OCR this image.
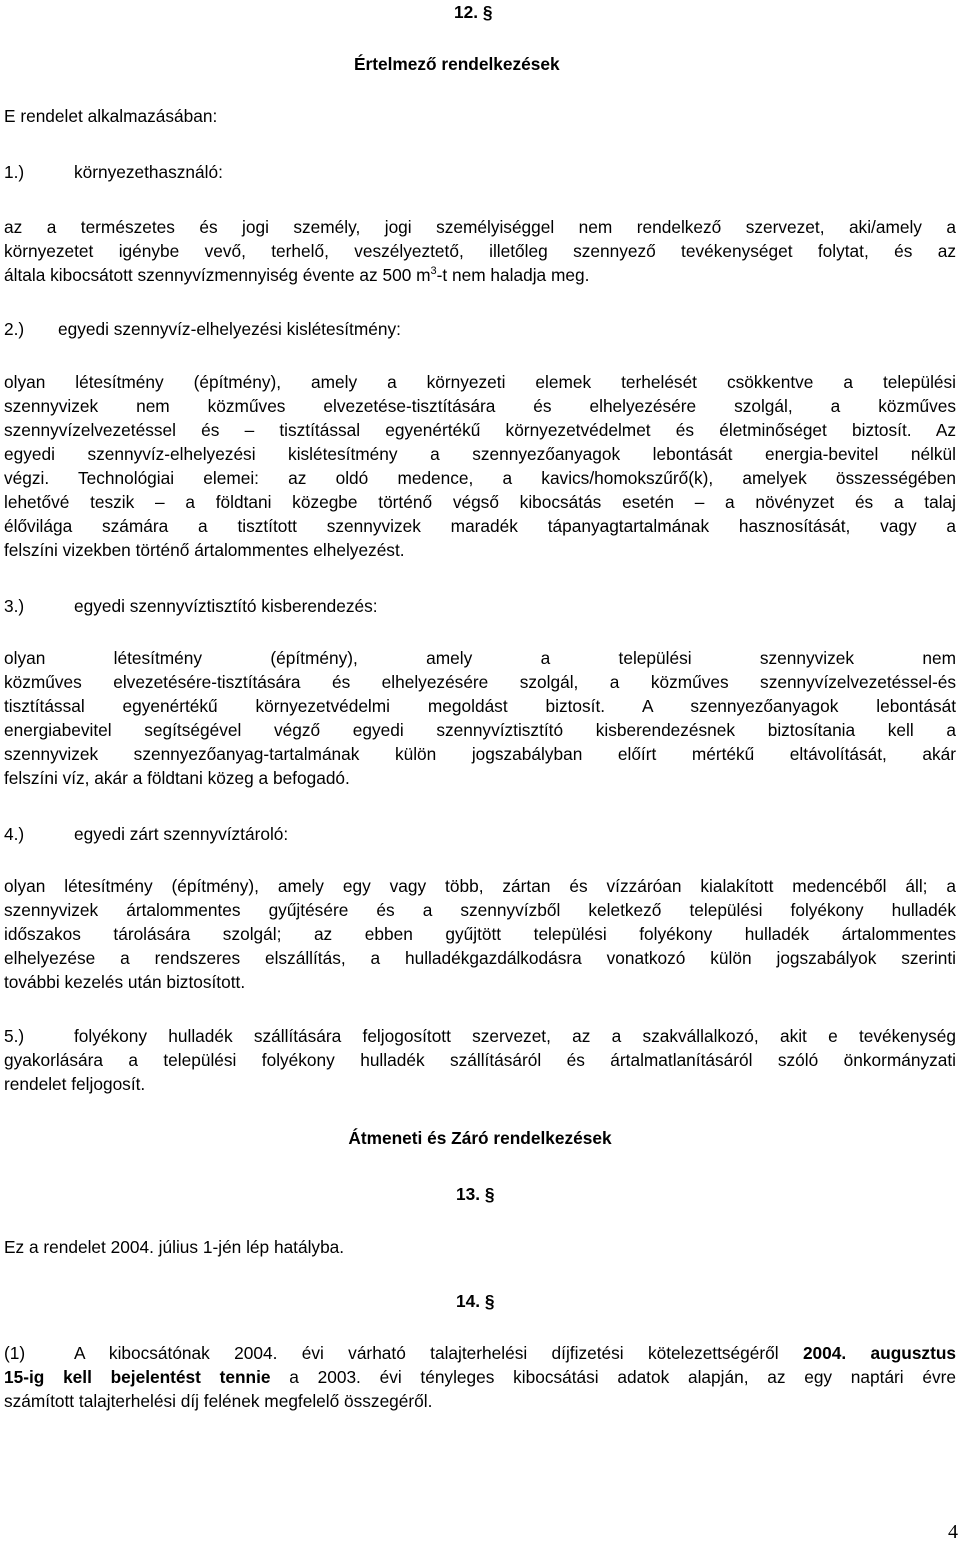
12. §
Értelmező rendelkezések
E rendelet alkalmazásában:
1.)	környezethasználó:
az a természetes és jogi személy, jogi személyiséggel nem rendelkező szervezet, aki/amely a
környezetet igénybe vevő, terhelő, veszélyeztető, illetőleg szennyező tevékenységet folytat, és az
általa kibocsátott szennyvízmennyiség évente az 500 $m^3-t$ nem haladja meg.
2.) egyedi szennyvíz-elhelyezési kislétesítmény:
olyan létesítmény (építmény), amely a környezeti elemek terhelését csökkentve a települési
szennyvizek nem közműves elvezetése-tisztítására és elhelyezésére szolgál, a közműves
szennyvízelvezetéssel és – tisztítással egyenértékű környezetvédelmet és életminőséget biztosít. Az
egyedi szennyvíz-elhelyezési kislétesítmény a szennyezőanyagok lebontását energia-bevitel nélkül
végzi. Technológiai elemei: az oldó medence, a kavics/homokszűrő(k), amelyek összességében
lehetővé teszik – a földtani közegbe történő végső kibocsátás esetén – a növényzet és a talaj
élővilága számára a tisztított szennyvizek maradék tápanyagtartalmának hasznosítását, vagy a
felszíni vizekben történő ártalommentes elhelyezést.
3.)	egyedi szennyvíztisztító kisberendezés:
olyan létesítmény (építmény), amely a települési szennyvizek nem
közműves elvezetésére-tisztítására és elhelyezésére szolgál, a közműves szennyvízelvezetéssel-és
tisztítással egyenértékű környezetvédelmi megoldást biztosít. A szennyezőanyagok lebontását
energiabevitel segítségével végző egyedi szennyvíztisztító kisberendezésnek biztosítania kell a
szennyvizek szennyezőanyag-tartalmának külön jogszabályban előírt mértékű eltávolítását, akár
felszíni víz, akár a földtani közeg a befogadó.
4.)	egyedi zárt szennyvíztároló:
olyan létesítmény (építmény), amely egy vagy több, zártan és vízzáróan kialakított medencéből áll; a
szennyvizek ártalommentes gyűjtésére és a szennyvízből keletkező települési folyékony hulladék
időszakos tárolására szolgál; az ebben gyűjtött települési folyékony hulladék ártalommentes
elhelyezése a rendszeres elszállítás, a hulladékgazdálkodásra vonatkozó külön jogszabályok szerinti
további kezelés után biztosított.
5.)	folyékony hulladék szállítására feljogosított szervezet, az a szakvállalkozó, akit e tevékenység
gyakorlására a települési folyékony hulladék szállításáról és ártalmatlanításáról szóló önkormányzati
rendelet feljogosít.
Átmeneti és Záró rendelkezések
13. §
Ez a rendelet 2004. július 1-jén lép hatályba.
14. §
(1)	A kibocsátónak 2004. évi várható talajterhelési díjfizetési kötelezettségéről 2004. augusztus
15-ig kell bejelentést tennie a 2003. évi tényleges kibocsátási adatok alapján, az egy naptári évre
számított talajterhelési díj felének megfelelő összegéről.
4
